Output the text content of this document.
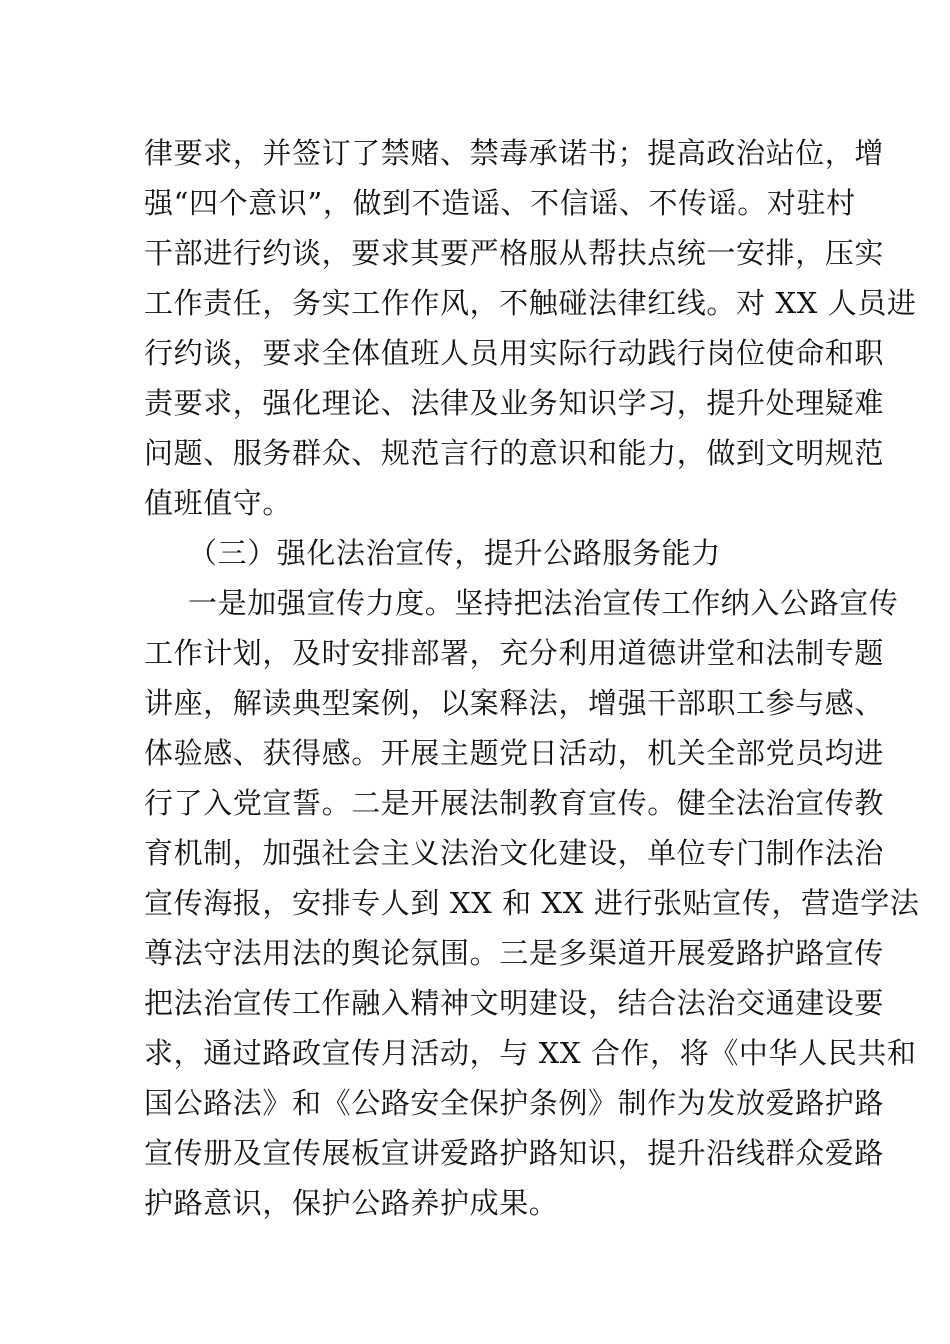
律要求，并签订了禁赌、禁毒承诺书；提高政治站位，增
强“四个意识”，做到不造谣、不信谣、不传谣。对驻村
干部进行约谈，要求其要严格服从帮扶点统一安排，压实
工作责任，务实工作作风，不触碰法律红线。对 XX 人员进
行约谈，要求全体值班人员用实际行动践行岗位使命和职
责要求，强化理论、法律及业务知识学习，提升处理疑难
问题、服务群众、规范言行的意识和能力，做到文明规范
值班值守。
（三）强化法治宣传，提升公路服务能力
一是加强宣传力度。坚持把法治宣传工作纳入公路宣传
工作计划，及时安排部署，充分利用道德讲堂和法制专题
讲座，解读典型案例，以案释法，增强干部职工参与感、
体验感、获得感。开展主题党日活动，机关全部党员均进
行了入党宣誓。二是开展法制教育宣传。健全法治宣传教
育机制，加强社会主义法治文化建设，单位专门制作法治
宣传海报，安排专人到 XX 和 XX 进行张贴宣传，营造学法
尊法守法用法的舆论氛围。三是多渠道开展爱路护路宣传
把法治宣传工作融入精神文明建设，结合法治交通建设要
求，通过路政宣传月活动，与 XX 合作，将《中华人民共和
国公路法》和《公路安全保护条例》制作为发放爱路护路
宣传册及宣传展板宣讲爱路护路知识，提升沿线群众爱路
护路意识，保护公路养护成果。
